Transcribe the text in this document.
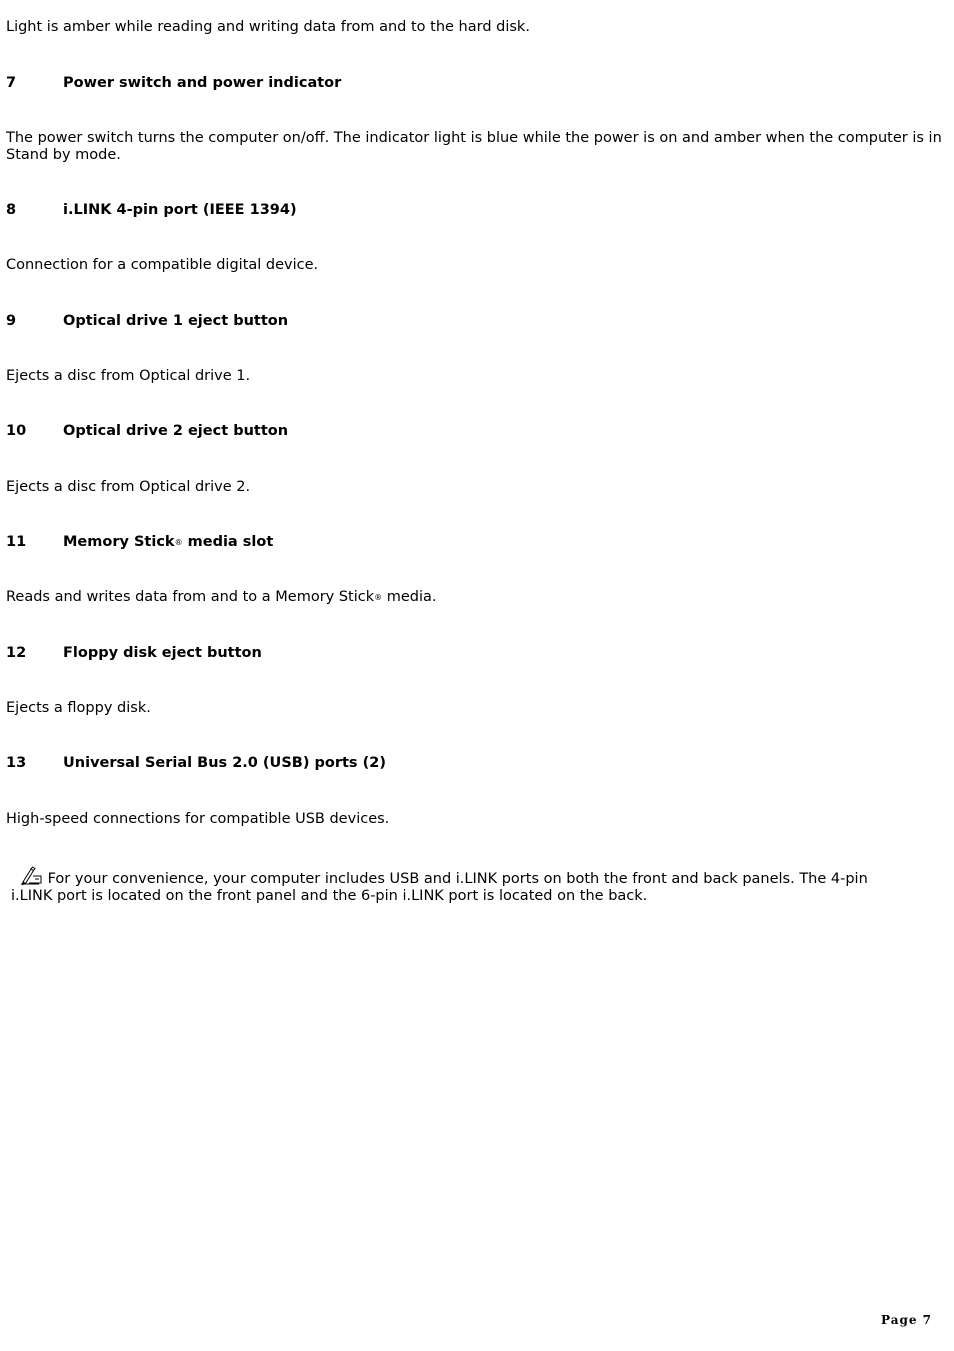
Light is amber while reading and writing data from and to the hard disk.

7	Power switch and power indicator

The power switch turns the computer on/off. The indicator light is blue while the power is on and amber when the computer is in Stand by mode.

8	i.LINK 4-pin port (IEEE 1394)

Connection for a compatible digital device.

9	Optical drive 1 eject button

Ejects a disc from Optical drive 1.

10	Optical drive 2 eject button

Ejects a disc from Optical drive 2.

11	Memory Stick® media slot

Reads and writes data from and to a Memory Stick® media.

12	Floppy disk eject button

Ejects a floppy disk.

13	Universal Serial Bus 2.0 (USB) ports (2)

High-speed connections for compatible USB devices.

For your convenience, your computer includes USB and i.LINK ports on both the front and back panels. The 4-pin i.LINK port is located on the front panel and the 6-pin i.LINK port is located on the back.
Page 7
